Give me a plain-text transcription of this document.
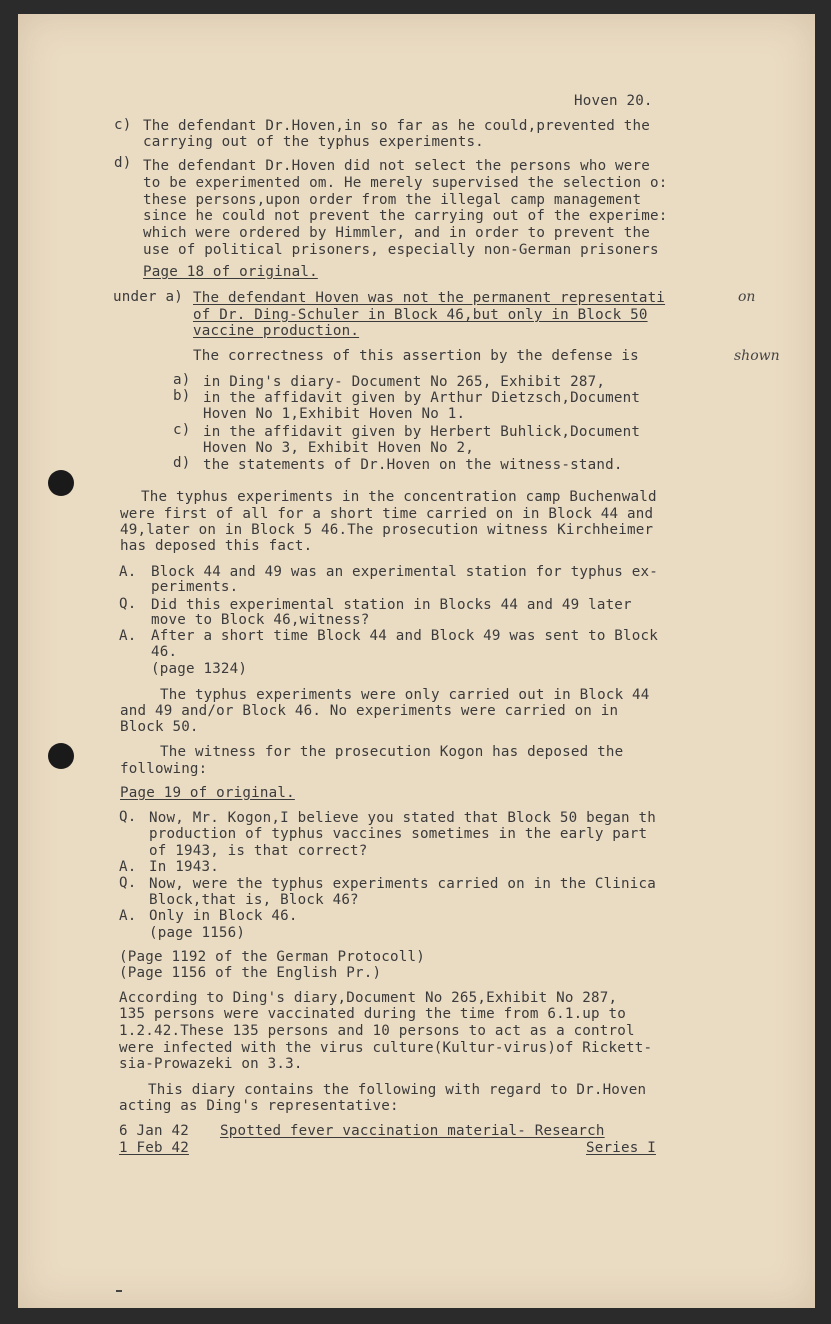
Hoven 20.
c) The defendant Dr.Hoven,in so far as he could,prevented the
carrying out of the typhus experiments.
d) The defendant Dr.Hoven did not select the persons who were
to be experimented om. He merely supervised the selection o:
these persons,upon order from the illegal camp management
since he could not prevent the carrying out of the experime:
which were ordered by Himmler, and in order to prevent the
use of political prisoners, especially non-German prisoners
Page 18 of original.
under a) The defendant Hoven was not the permanent representati	on
of Dr. Ding-Schuler in Block 46,but only in Block 50
vaccine production.
The correctness of this assertion by the defense is	shown
a) in Ding's diary- Document No 265, Exhibit 287,
b) in the affidavit given by Arthur Dietzsch,Document
Hoven No 1,Exhibit Hoven No 1.
c) in the affidavit given by Herbert Buhlick,Document
Hoven No 3, Exhibit Hoven No 2,
d) the statements of Dr.Hoven on the witness-stand.
The typhus experiments in the concentration camp Buchenwald
were first of all for a short time carried on in Block 44 and
49,later on in Block 5 46.The prosecution witness Kirchheimer
has deposed this fact.
A. Block 44 and 49 was an experimental station for typhus ex-
periments.
Q. Did this experimental station in Blocks 44 and 49 later
move to Block 46,witness?
A. After a short time Block 44 and Block 49 was sent to Block
46.
(page 1324)
The typhus experiments were only carried out in Block 44
and 49 and/or Block 46. No experiments were carried on in
Block 50.
The witness for the prosecution Kogon has deposed the
following:
Page 19 of original.
Q. Now, Mr. Kogon,I believe you stated that Block 50 began th
production of typhus vaccines sometimes in the early part
of 1943, is that correct?
A. In 1943.
Q. Now, were the typhus experiments carried on in the Clinica
Block,that is, Block 46?
A. Only in Block 46.
(page 1156)
(Page 1192 of the German Protocoll)
(Page 1156 of the English Pr.)
According to Ding's diary,Document No 265,Exhibit No 287,
135 persons were vaccinated during the time from 6.1.up to
1.2.42.These 135 persons and 10 persons to act as a control
were infected with the virus culture(Kultur-virus)of Rickett-
sia-Prowazeki on 3.3.
This diary contains the following with regard to Dr.Hoven
acting as Ding's representative:
6 Jan 42
1 Feb 42
Spotted fever vaccination material- Research
Series I
